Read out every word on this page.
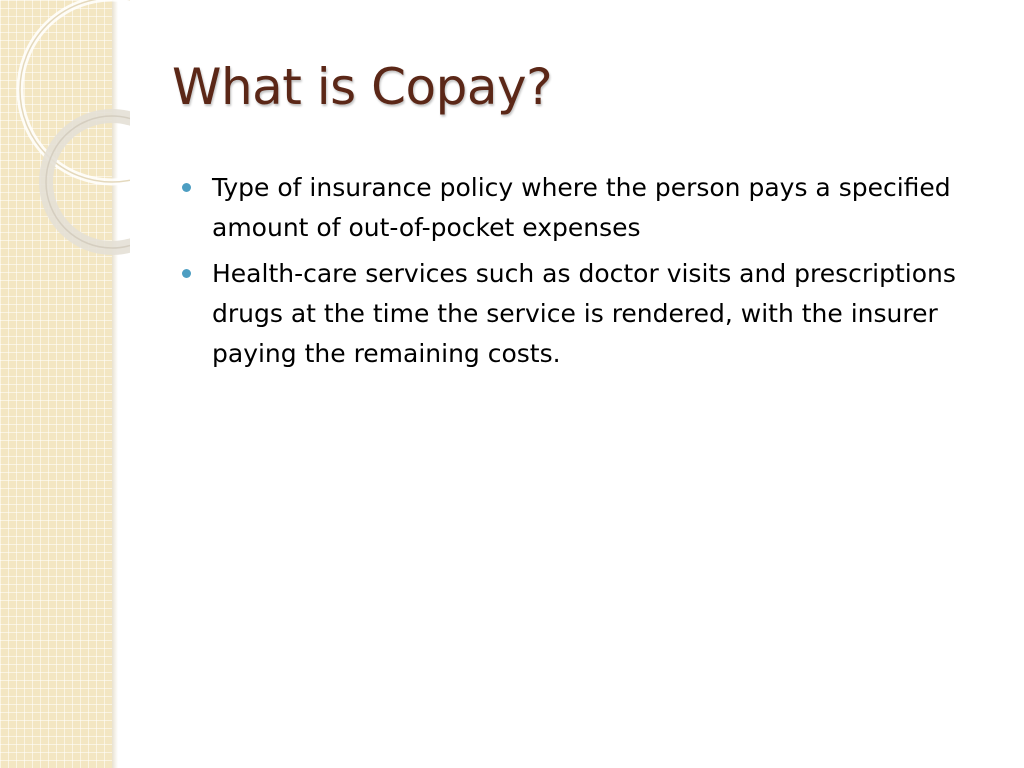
What is Copay?
Type of insurance policy where the person pays a specified amount of out-of-pocket expenses
Health-care services such as doctor visits and prescriptions drugs at the time the service is rendered, with the insurer paying the remaining costs.
